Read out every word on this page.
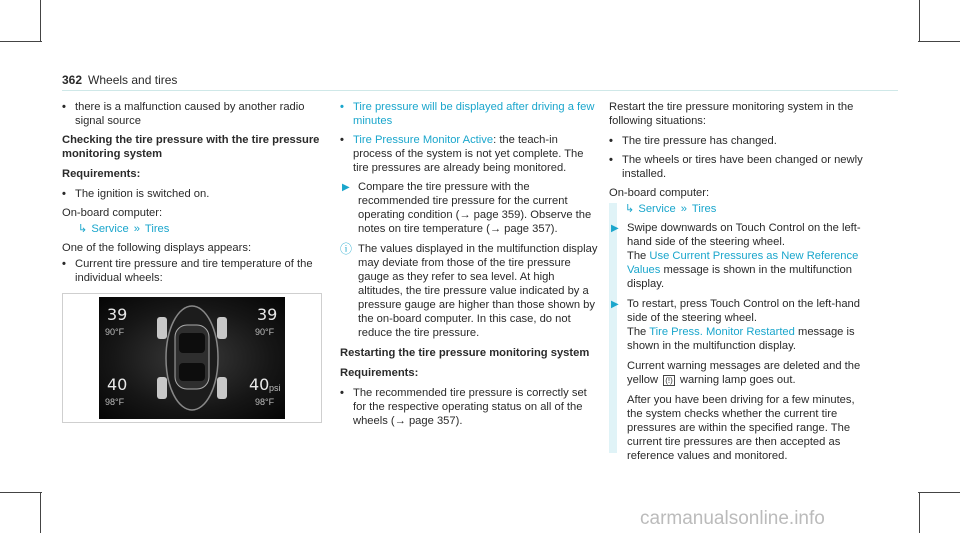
362 Wheels and tires
• there is a malfunction caused by another radio signal source

Checking the tire pressure with the tire pressure monitoring system

Requirements:

• The ignition is switched on.

On-board computer:

↳ Service » Tires

One of the following displays appears:

• Current tire pressure and tire temperature of the individual wheels:
39
90°F
39
90°F
40
98°F
40 psi
98°F
• Tire pressure will be displayed after driving a few minutes
• Tire Pressure Monitor Active: the teach-in process of the system is not yet complete. The tire pressures are already being monitored.
▶ Compare the tire pressure with the recommended tire pressure for the current operating condition (→ page 359). Observe the notes on tire temperature (→ page 357).
ⓘ The values displayed in the multifunction display may deviate from those of the tire pressure gauge as they refer to sea level. At high altitudes, the tire pressure value indicated by a pressure gauge are higher than those shown by the on-board computer. In this case, do not reduce the tire pressure.

Restarting the tire pressure monitoring system

Requirements:

• The recommended tire pressure is correctly set for the respective operating status on all of the wheels (→ page 357).

Restart the tire pressure monitoring system in the following situations:

• The tire pressure has changed.
• The wheels or tires have been changed or newly installed.

On-board computer:

↳ Service » Tires
▶ Swipe downwards on Touch Control on the left-hand side of the steering wheel.
The Use Current Pressures as New Reference Values message is shown in the multifunction display.
▶ To restart, press Touch Control on the left-hand side of the steering wheel.
The Tire Press. Monitor Restarted message is shown in the multifunction display.

Current warning messages are deleted and the yellow (!) warning lamp goes out.

After you have been driving for a few minutes, the system checks whether the current tire pressures are within the specified range. The current tire pressures are then accepted as reference values and monitored.

carmanualsonline.info
